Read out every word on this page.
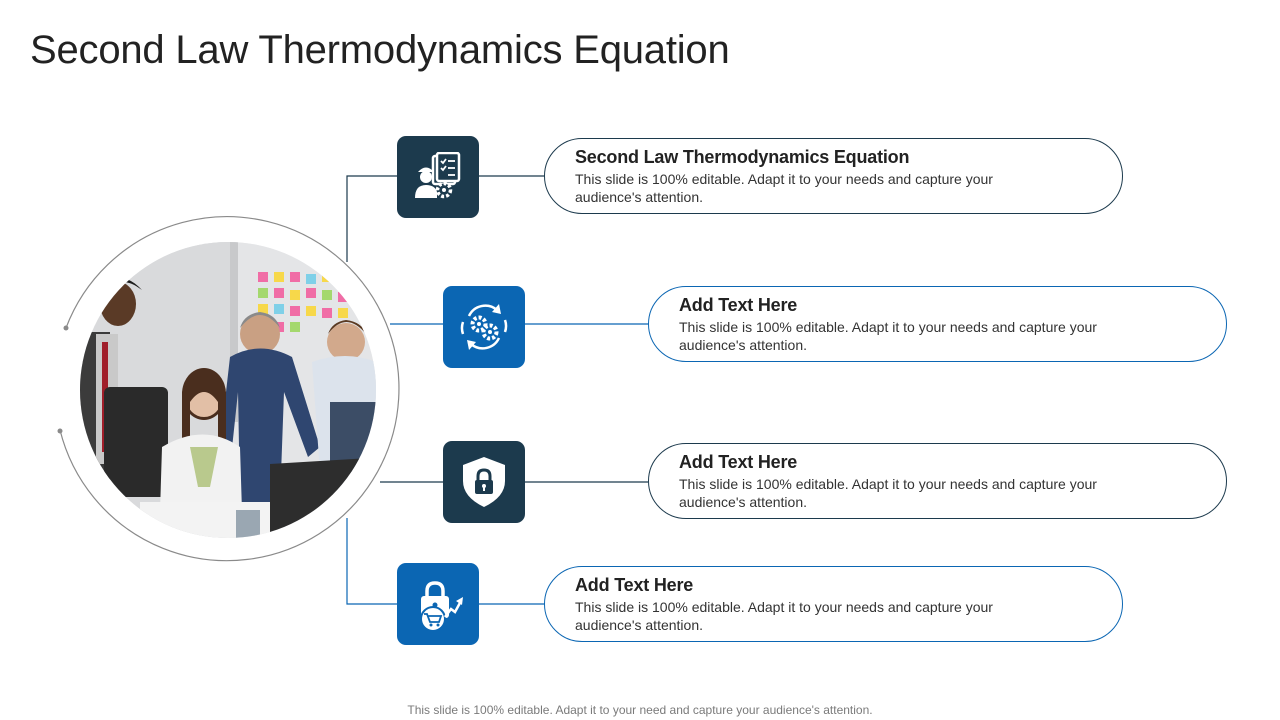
Second Law Thermodynamics Equation

Second Law Thermodynamics Equation

This slide is 100% editable. Adapt it to your needs and capture your audience's attention.

Add Text Here

This slide is 100% editable. Adapt it to your needs and capture your audience's attention.

Add Text Here

This slide is 100% editable. Adapt it to your needs and capture your audience's attention.

Add Text Here

This slide is 100% editable. Adapt it to your needs and capture your audience's attention.

This slide is 100% editable. Adapt it to your need and capture your audience's attention.
